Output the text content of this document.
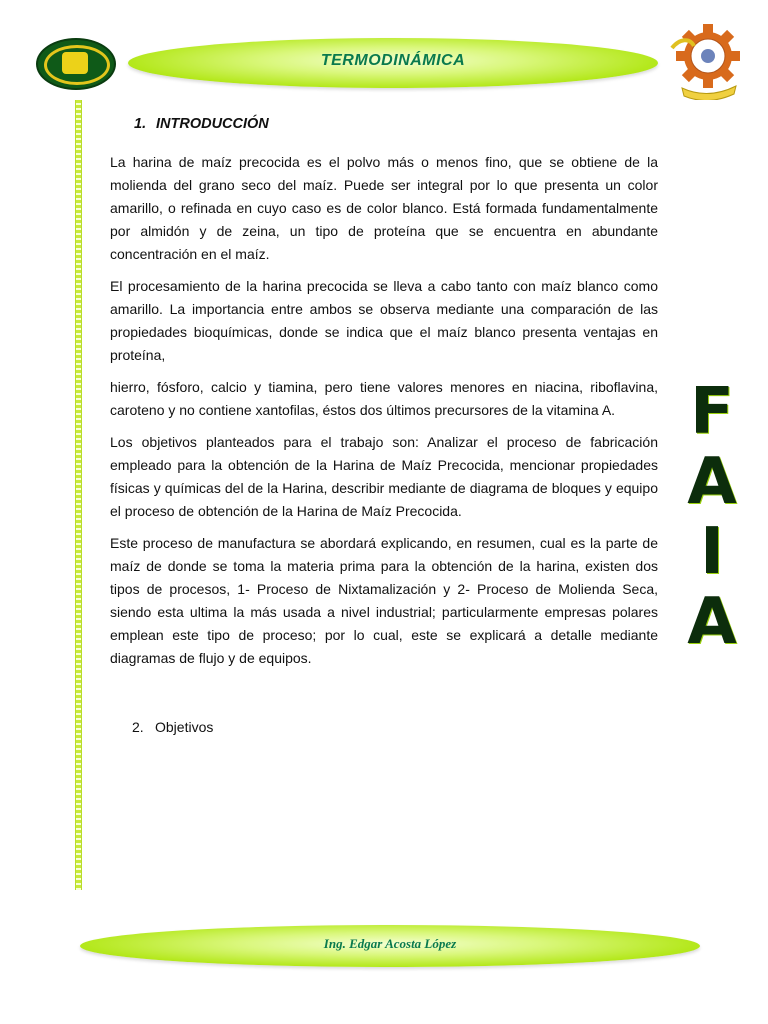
TERMODINÁMICA
F
A
I
A
1. INTRODUCCIÓN

La harina de maíz precocida es el polvo más o menos fino, que se obtiene de la molienda del grano seco del maíz. Puede ser integral por lo que presenta un color amarillo, o refinada en cuyo caso es de color blanco. Está formada fundamentalmente por almidón y de zeina, un tipo de proteína que se encuentra en abundante concentración en el maíz.

El procesamiento de la harina precocida se lleva a cabo tanto con maíz blanco como amarillo. La importancia entre ambos se observa mediante una comparación de las propiedades bioquímicas, donde se indica que el maíz blanco presenta ventajas en proteína,

hierro, fósforo, calcio y tiamina, pero tiene valores menores en niacina, riboflavina, caroteno y no contiene xantofilas, éstos dos últimos precursores de la vitamina A.

Los objetivos planteados para el trabajo son: Analizar el proceso de fabricación empleado para la obtención de la Harina de Maíz Precocida, mencionar propiedades físicas y químicas del de la Harina, describir mediante de diagrama de bloques y equipo el proceso de obtención de la Harina de Maíz Precocida.

Este proceso de manufactura se abordará explicando, en resumen, cual es la parte de maíz de donde se toma la materia prima para la obtención de la harina, existen dos tipos de procesos, 1- Proceso de Nixtamalización y 2- Proceso de Molienda Seca, siendo esta ultima la más usada a nivel industrial; particularmente empresas polares emplean este tipo de proceso; por lo cual, este se explicará a detalle mediante diagramas de flujo y de equipos.

2. Objetivos
Ing. Edgar Acosta López
